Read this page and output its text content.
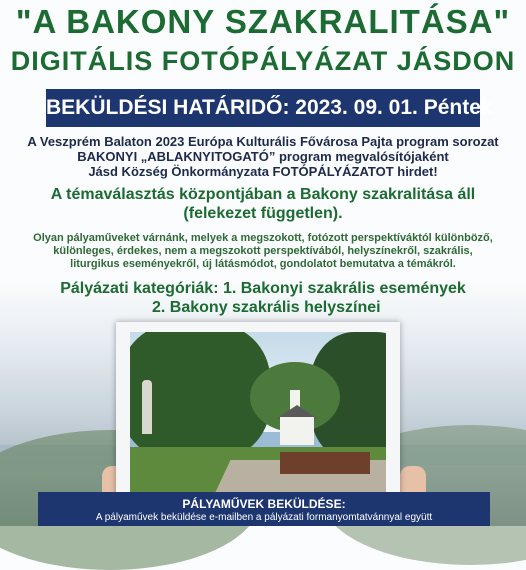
"A BAKONY SZAKRALITÁSA"
DIGITÁLIS FOTÓPÁLYÁZAT JÁSDON
BEKÜLDÉSI HATÁRIDŐ: 2023. 09. 01. Péntek
A Veszprém Balaton 2023 Európa Kulturális Fővárosa Pajta program sorozat
BAKONYI „ABLAKNYITOGATÓ” program megvalósítójaként
Jásd Község Önkormányzata FOTÓPÁLYÁZATOT hirdet!
A témaválasztás központjában a Bakony szakralitása áll
(felekezet független).
Olyan pályaműveket várnánk, melyek a megszokott, fotózott perspektíváktól különböző,
különleges, érdekes, nem a megszokott perspektívából, helyszínekről, szakrális,
liturgikus eseményekről, új látásmódot, gondolatot bemutatva a témákról.
Pályázati kategóriák: 1. Bakonyi szakrális események
2. Bakony szakrális helyszínei
PÁLYAMŰVEK BEKÜLDÉSE:
A pályaművek beküldése e-mailben a pályázati formanyomtatvánnyal együtt
